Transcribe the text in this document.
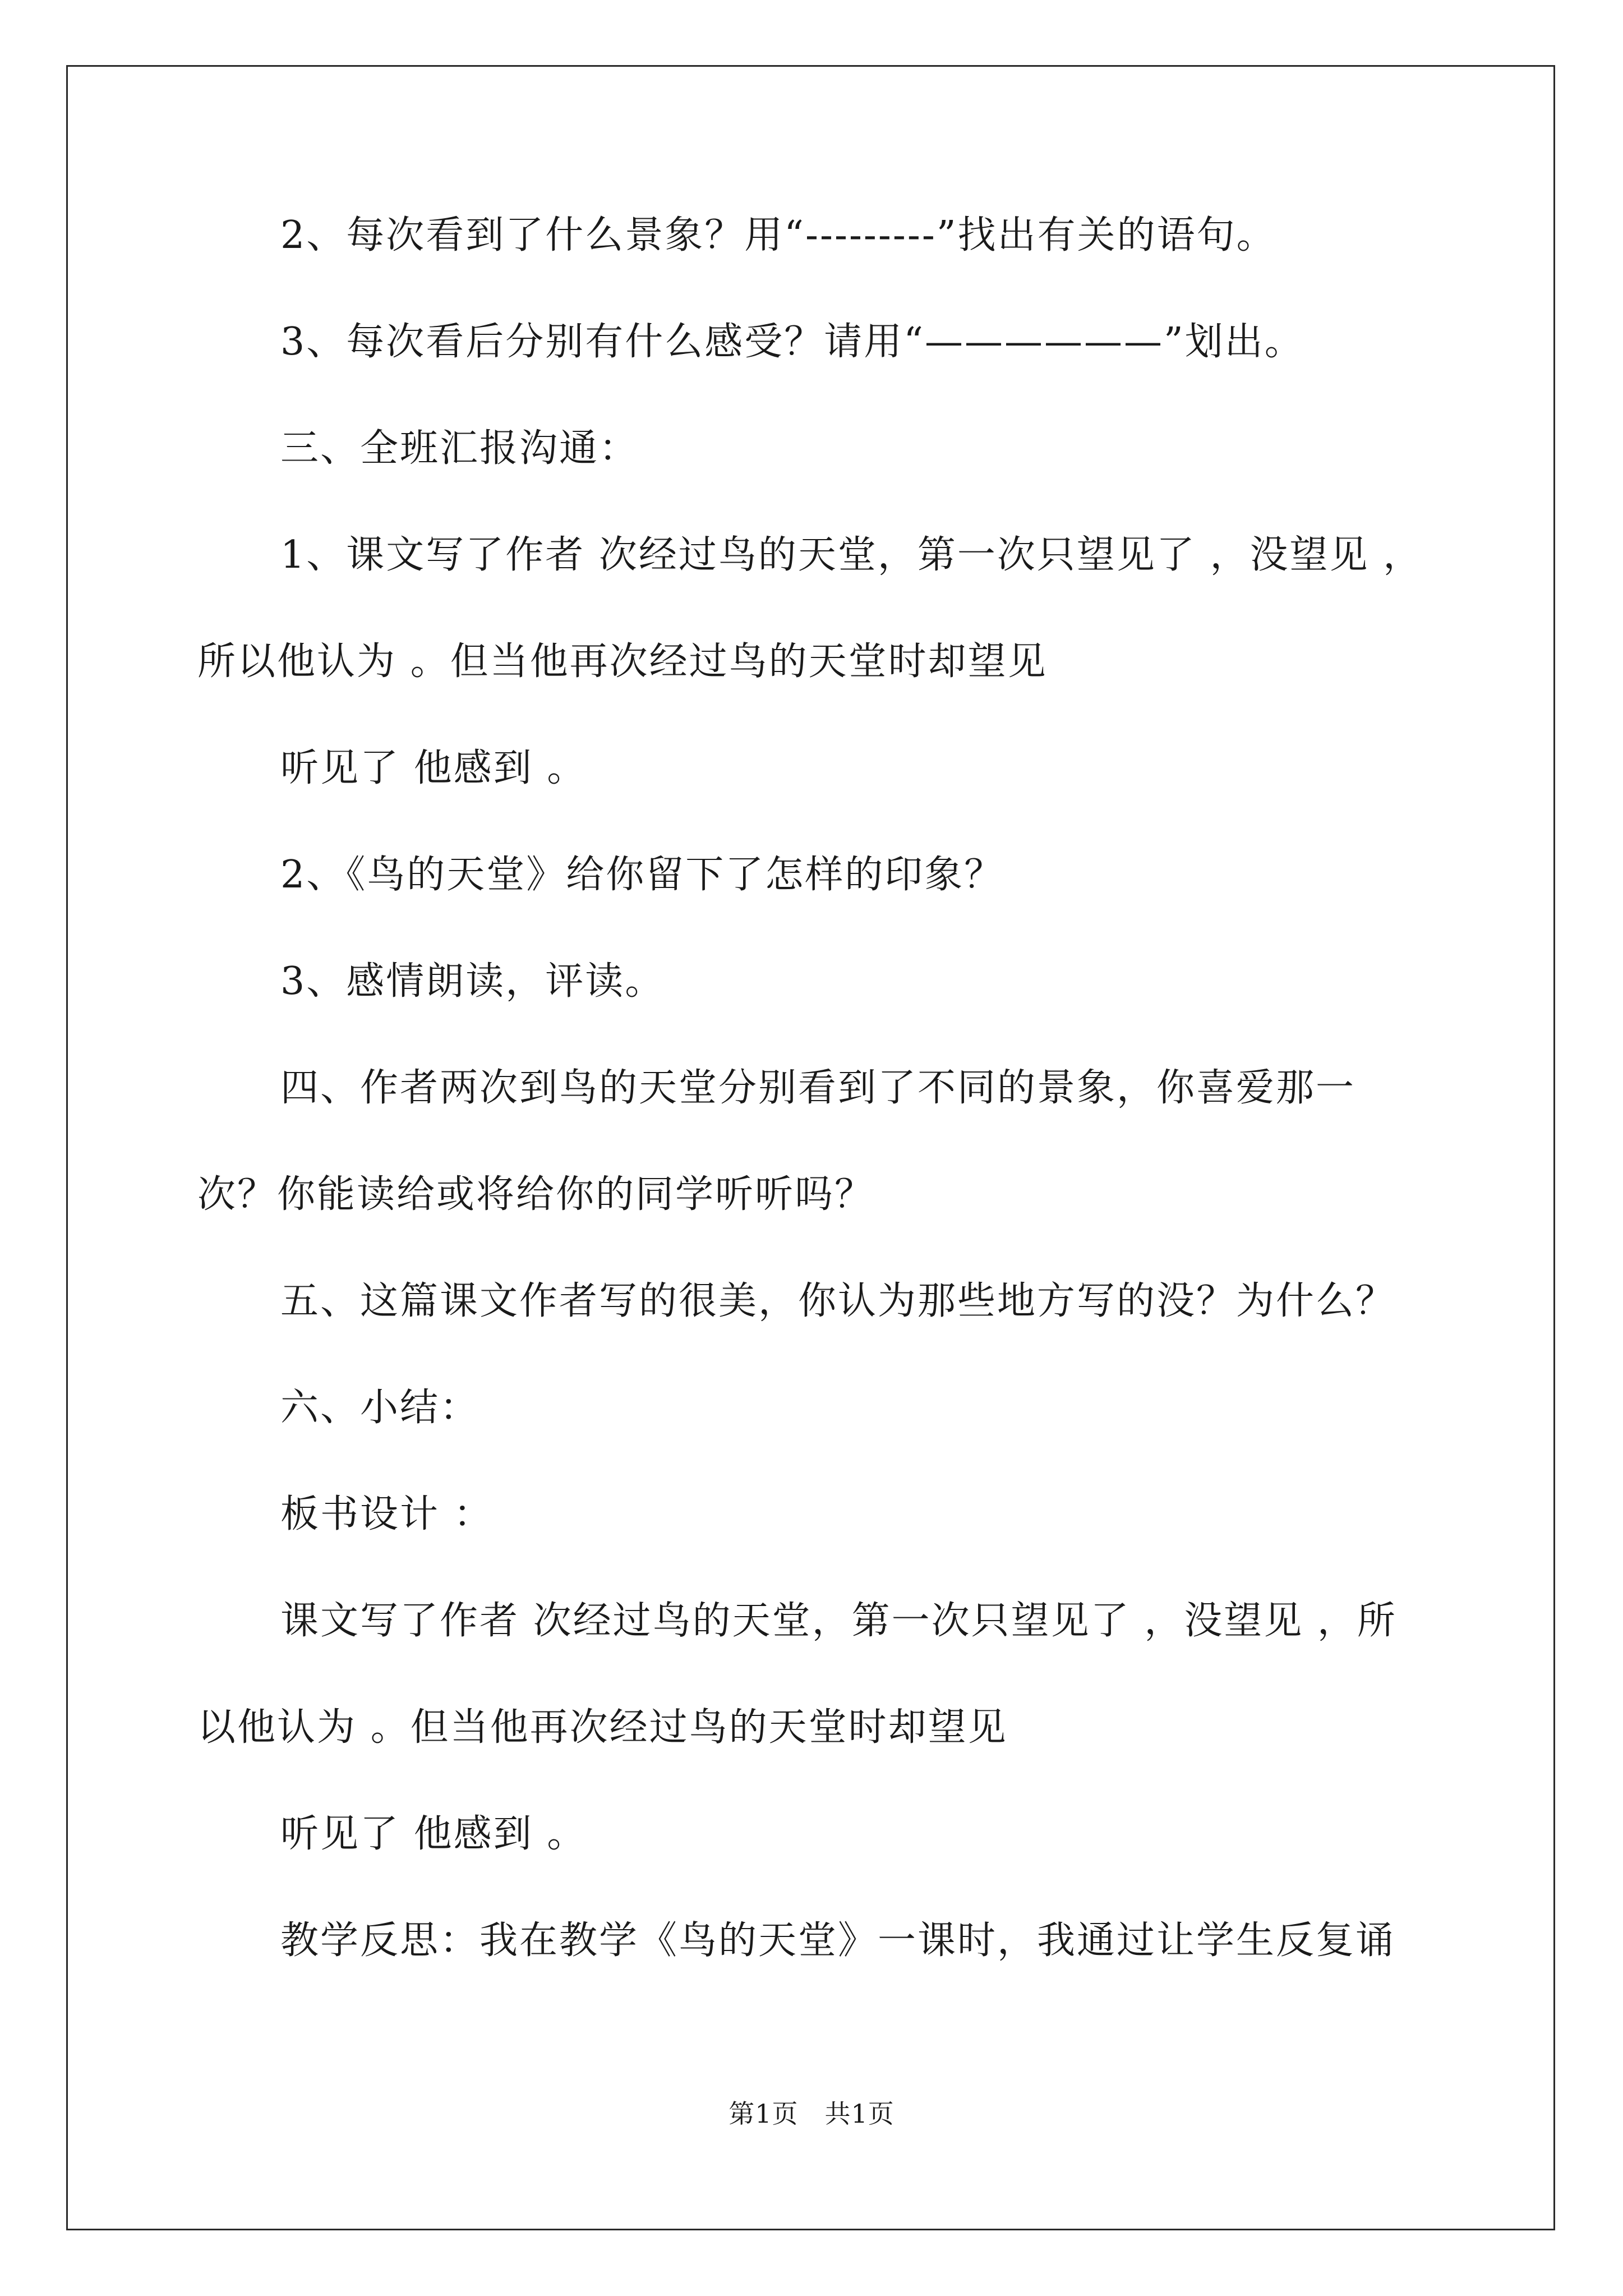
2、每次看到了什么景象？用“---------”找出有关的语句。

3、每次看后分别有什么感受？请用“——————”划出。

三、全班汇报沟通：

1、课文写了作者 次经过鸟的天堂，第一次只望见了 ，没望见 ，所以他认为 。但当他再次经过鸟的天堂时却望见

听见了 他感到 。

2、《鸟的天堂》给你留下了怎样的印象？

3、感情朗读，评读。

四、作者两次到鸟的天堂分别看到了不同的景象，你喜爱那一次？你能读给或将给你的同学听听吗？

五、这篇课文作者写的很美，你认为那些地方写的没？为什么？

六、小结：

板书设计 ：

课文写了作者 次经过鸟的天堂，第一次只望见了 ，没望见 ，所以他认为 。但当他再次经过鸟的天堂时却望见

听见了 他感到 。

教学反思：我在教学《鸟的天堂》一课时，我通过让学生反复诵

第1页　共1页
